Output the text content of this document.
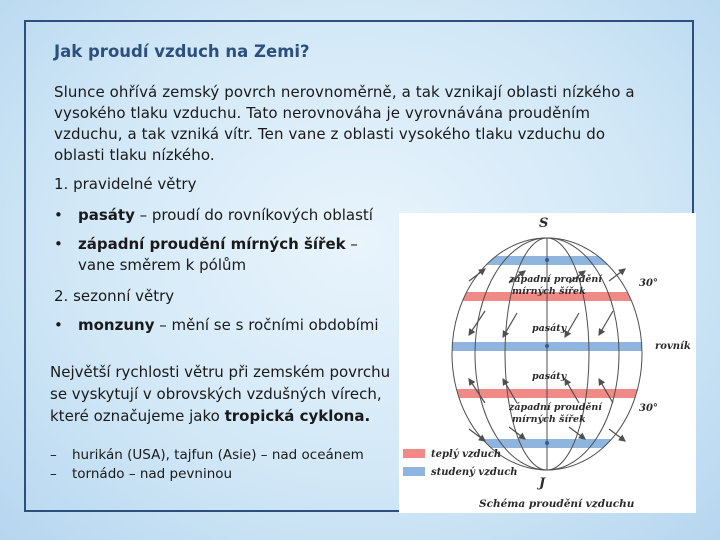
Jak proudí vzduch na Zemi?

Slunce ohřívá zemský povrch nerovnoměrně, a tak vznikají oblasti nízkého a vysokého tlaku vzduchu. Tato nerovnováha je vyrovnávána prouděním vzduchu, a tak vzniká vítr. Ten vane z oblasti vysokého tlaku vzduchu do oblasti tlaku nízkého.

1. pravidelné větry

• pasáty – proudí do rovníkových oblastí

• západní proudění mírných šířek –
vane směrem k pólům

2. sezonní větry

• monzuny – mění se s ročními obdobími

Největší rychlosti větru při zemském povrchu se vyskytují v obrovských vzdušných vírech, které označujeme jako tropická cyklona.

– hurikán (USA), tajfun (Asie) – nad oceánem

– tornádo – nad pevninou

S
J
západní proudění
mírných šířek
pasáty
pasáty
západní proudění
mírných šířek
30°
30°
rovník
teplý vzduch
studený vzduch
Schéma proudění vzduchu
